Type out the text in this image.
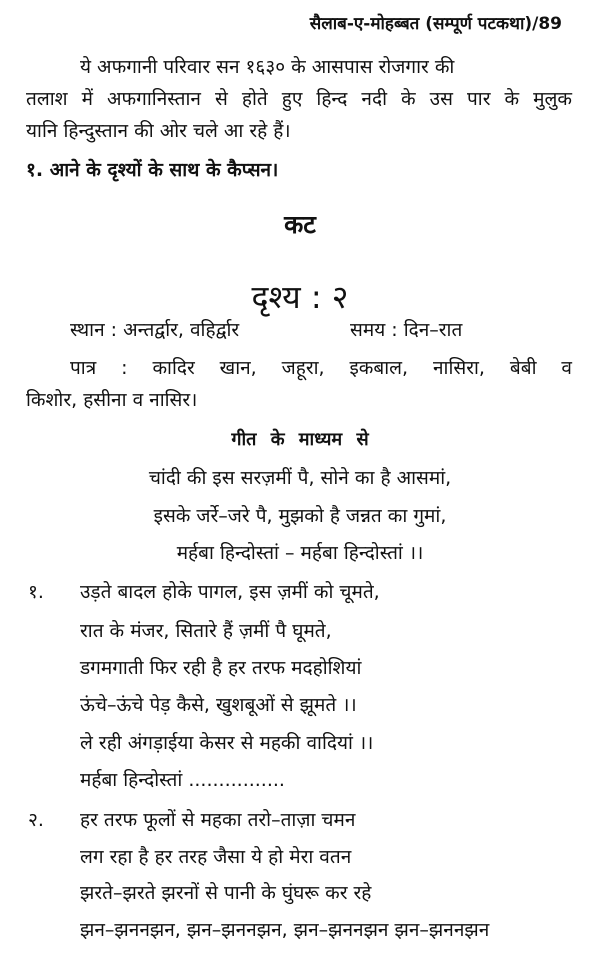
सैलाब-ए-मोहब्बत (सम्पूर्ण पटकथा)/89
ये अफगानी परिवार सन १६३० के आसपास रोजगार की
तलाश में अफगानिस्तान से होते हुए हिन्द नदी के उस पार के मुलुक
यानि हिन्दुस्तान की ओर चले आ रहे हैं।
१. आने के दृश्यों के साथ के कैप्सन।
कट
दृश्य : २
स्थान : अन्तर्द्वार, वहिर्द्वार	समय : दिन–रात
पात्र : कादिर खान, जहूरा, इकबाल, नासिरा, बेबी व
किशोर, हसीना व नासिर।
गीत के माध्यम से
चांदी की इस सरज़मीं पै, सोने का है आसमां,
इसके जर्रे–जरे पै, मुझको है जन्नत का गुमां,
मर्हबा हिन्दोस्तां – मर्हबा हिन्दोस्तां ।।
१. उड़ते बादल होके पागल, इस ज़मीं को चूमते,
रात के मंजर, सितारे हैं ज़मीं पै घूमते,
डगमगाती फिर रही है हर तरफ मदहोशियां
ऊंचे–ऊंचे पेड़ कैसे, खुशबूओं से झूमते ।।
ले रही अंगड़ाईया केसर से महकी वादियां ।।
मर्हबा हिन्दोस्तां ................
२. हर तरफ फूलों से महका तरो–ताज़ा चमन
लग रहा है हर तरह जैसा ये हो मेरा वतन
झरते–झरते झरनों से पानी के घुंघरू कर रहे
झन–झननझन, झन–झननझन, झन–झननझन झन–झननझन
